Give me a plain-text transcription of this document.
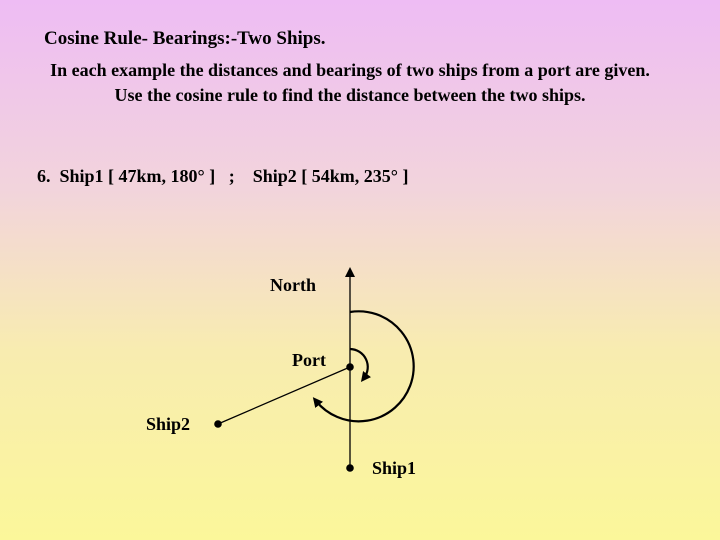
Cosine Rule- Bearings:-Two Ships.
In each example the distances and bearings of two ships from a port are given. Use the cosine rule to find the distance between the two ships.
6.  Ship1 [ 47km, 180° ]   ;    Ship2 [ 54km, 235° ]
North
Port
Ship2
Ship1
